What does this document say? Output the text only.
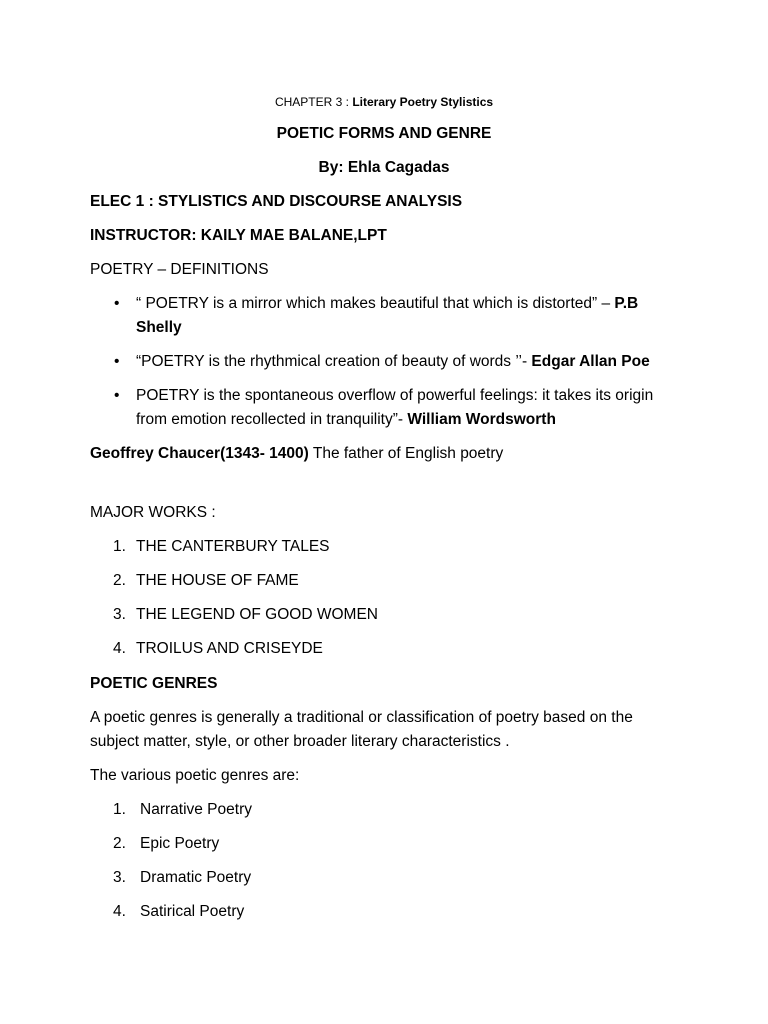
CHAPTER 3 : Literary Poetry Stylistics
POETIC FORMS AND GENRE
By: Ehla Cagadas
ELEC 1 : STYLISTICS AND DISCOURSE ANALYSIS
INSTRUCTOR: KAILY MAE BALANE,LPT
POETRY – DEFINITIONS
• “ POETRY is a mirror which makes beautiful that which is distorted” – P.B
Shelly
• “POETRY is the rhythmical creation of beauty of words ’’- Edgar Allan Poe
• POETRY is the spontaneous overflow of powerful feelings: it takes its origin
from emotion recollected in tranquility”- William Wordsworth
Geoffrey Chaucer(1343- 1400) The father of English poetry
MAJOR WORKS :
1. THE CANTERBURY TALES
2. THE HOUSE OF FAME
3. THE LEGEND OF GOOD WOMEN
4. TROILUS AND CRISEYDE
POETIC GENRES
A poetic genres is generally a traditional or classification of poetry based on the
subject matter, style, or other broader literary characteristics .
The various poetic genres are:
1. Narrative Poetry
2. Epic Poetry
3. Dramatic Poetry
4. Satirical Poetry
